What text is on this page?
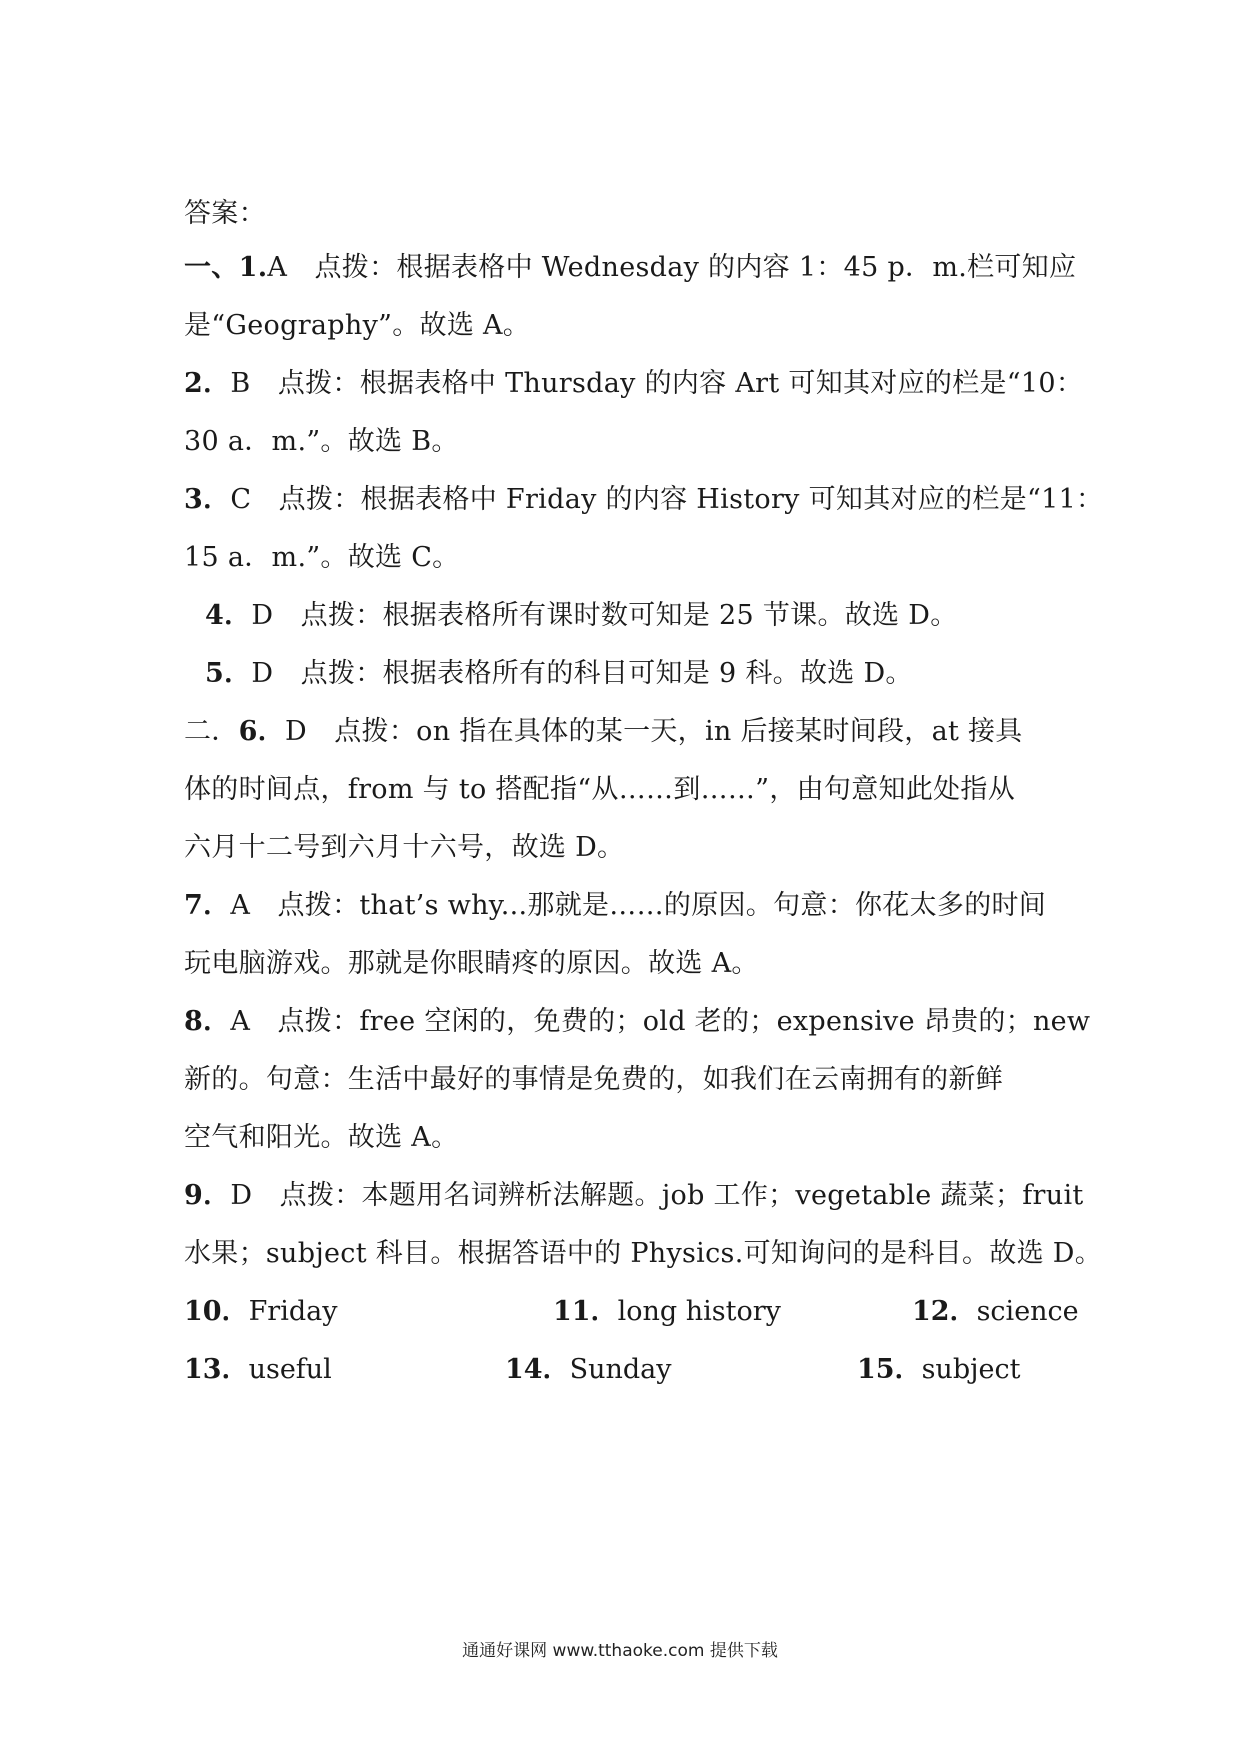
答案：
一、1.A　点拨：根据表格中 Wednesday 的内容 1：45 p．m.栏可知应
是“Geography”。故选 A。
2．B　点拨：根据表格中 Thursday 的内容 Art 可知其对应的栏是“10：
30 a．m.”。故选 B。
3．C　点拨：根据表格中 Friday 的内容 History 可知其对应的栏是“11：
15 a．m.”。故选 C。
4．D　点拨：根据表格所有课时数可知是 25 节课。故选 D。
5．D　点拨：根据表格所有的科目可知是 9 科。故选 D。
二．6．D　点拨：on 指在具体的某一天，in 后接某时间段，at 接具
体的时间点，from 与 to 搭配指“从……到……”，由句意知此处指从
六月十二号到六月十六号，故选 D。
7．A　点拨：that’s why...那就是……的原因。句意：你花太多的时间
玩电脑游戏。那就是你眼睛疼的原因。故选 A。
8．A　点拨：free 空闲的，免费的；old 老的；expensive 昂贵的；new
新的。句意：生活中最好的事情是免费的，如我们在云南拥有的新鲜
空气和阳光。故选 A。
9．D　点拨：本题用名词辨析法解题。job 工作；vegetable 蔬菜；fruit
水果；subject 科目。根据答语中的 Physics.可知询问的是科目。故选 D。
10．Friday	11．long history	12．science
13．useful	14．Sunday	15．subject
通通好课网 www.tthaoke.com 提供下载
